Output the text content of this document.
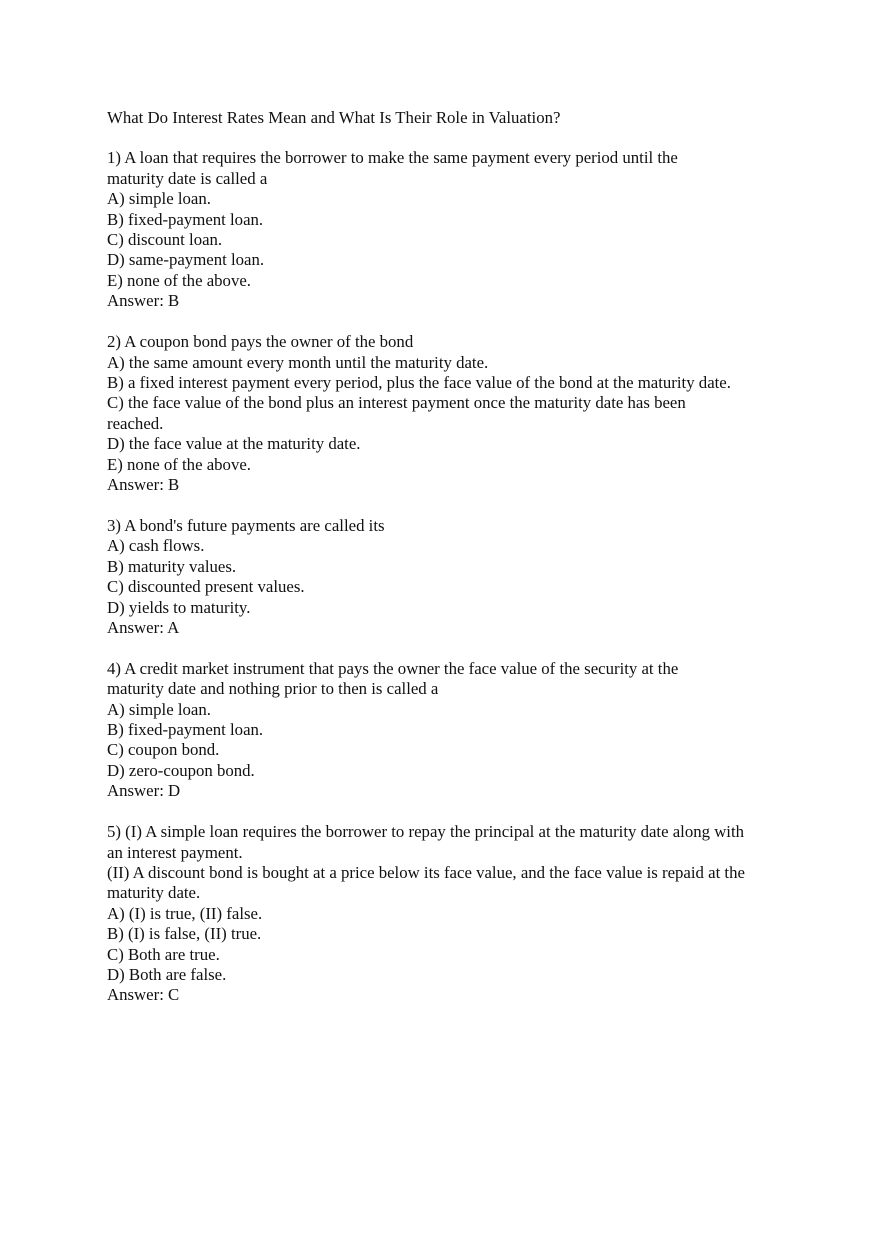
What Do Interest Rates Mean and What Is Their Role in Valuation?
1) A loan that requires the borrower to make the same payment every period until the maturity date is called a
A) simple loan.
B) fixed-payment loan.
C) discount loan.
D) same-payment loan.
E) none of the above.
Answer: B
2) A coupon bond pays the owner of the bond
A) the same amount every month until the maturity date.
B) a fixed interest payment every period, plus the face value of the bond at the maturity date.
C) the face value of the bond plus an interest payment once the maturity date has been reached.
D) the face value at the maturity date.
E) none of the above.
Answer: B
3) A bond's future payments are called its
A) cash flows.
B) maturity values.
C) discounted present values.
D) yields to maturity.
Answer: A
4) A credit market instrument that pays the owner the face value of the security at the maturity date and nothing prior to then is called a
A) simple loan.
B) fixed-payment loan.
C) coupon bond.
D) zero-coupon bond.
Answer: D
5) (I) A simple loan requires the borrower to repay the principal at the maturity date along with an interest payment.
(II) A discount bond is bought at a price below its face value, and the face value is repaid at the maturity date.
A) (I) is true, (II) false.
B) (I) is false, (II) true.
C) Both are true.
D) Both are false.
Answer: C
